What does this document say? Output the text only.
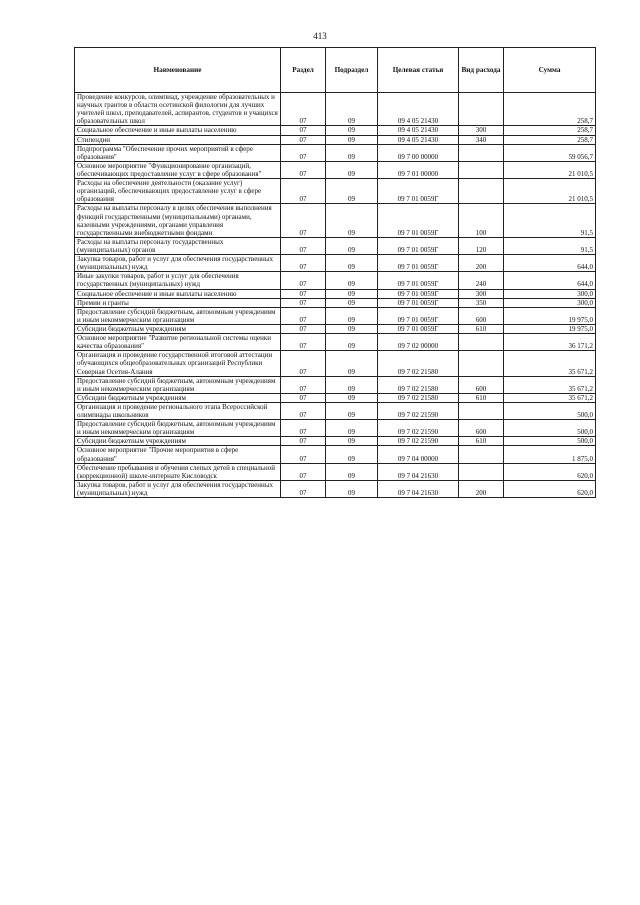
413
Наименование	Раздел	Подраздел	Целевая статья	Вид расхода	Сумма
Проведение конкурсов, олимпиад, учреждение образовательных и научных грантов в области осетинской филологии для лучших учителей школ, преподавателей, аспирантов, студентов и учащихся образовательных школ	07	09	09 4 05 21430		258,7
Социальное обеспечение и иные выплаты населению	07	09	09 4 05 21430	300	258,7
Стипендии	07	09	09 4 05 21430	340	258,7
Подпрограмма "Обеспечение прочих мероприятий в сфере образования"	07	09	09 7 00 00000		59 056,7
Основное мероприятие "Функционирование организаций, обеспечивающих предоставление услуг в сфере образования"	07	09	09 7 01 00000		21 010,5
Расходы на обеспечение деятельности (оказание услуг) организаций, обеспечивающих предоставление услуг в сфере образования	07	09	09 7 01 0059Г		21 010,5
Расходы на выплаты персоналу в целях обеспечения выполнения функций государственными (муниципальными) органами, казенными учреждениями, органами управления государственными внебюджетными фондами	07	09	09 7 01 0059Г	100	91,5
Расходы на выплаты персоналу государственных (муниципальных) органов	07	09	09 7 01 0059Г	120	91,5
Закупка товаров, работ и услуг для обеспечения государственных (муниципальных) нужд	07	09	09 7 01 0059Г	200	644,0
Иные закупки товаров, работ и услуг для обеспечения государственных (муниципальных) нужд	07	09	09 7 01 0059Г	240	644,0
Социальное обеспечение и иные выплаты населению	07	09	09 7 01 0059Г	300	300,0
Премии и гранты	07	09	09 7 01 0059Г	350	300,0
Предоставление субсидий бюджетным, автономным учреждениям и иным некоммерческим организациям	07	09	09 7 01 0059Г	600	19 975,0
Субсидии бюджетным учреждениям	07	09	09 7 01 0059Г	610	19 975,0
Основное мероприятие "Развитие региональной системы оценки качества образования"	07	09	09 7 02 00000		36 171,2
Организация и проведение государственной итоговой аттестации обучающихся общеобразовательных организаций Республики Северная Осетия-Алания	07	09	09 7 02 21580		35 671,2
Предоставление субсидий бюджетным, автономным учреждениям и иным некоммерческим организациям	07	09	09 7 02 21580	600	35 671,2
Субсидии бюджетным учреждениям	07	09	09 7 02 21580	610	35 671,2
Организация и проведение регионального этапа Всероссийской олимпиады школьников	07	09	09 7 02 21590		500,0
Предоставление субсидий бюджетным, автономным учреждениям и иным некоммерческим организациям	07	09	09 7 02 21590	600	500,0
Субсидии бюджетным учреждениям	07	09	09 7 02 21590	610	500,0
Основное мероприятие "Прочие мероприятия в сфере образования"	07	09	09 7 04 00000		1 875,0
Обеспечение пребывания и обучения слепых детей в специальной (коррекционной) школе-интернате Кисловодск	07	09	09 7 04 21630		620,0
Закупка товаров, работ и услуг для обеспечения государственных (муниципальных) нужд	07	09	09 7 04 21630	200	620,0
